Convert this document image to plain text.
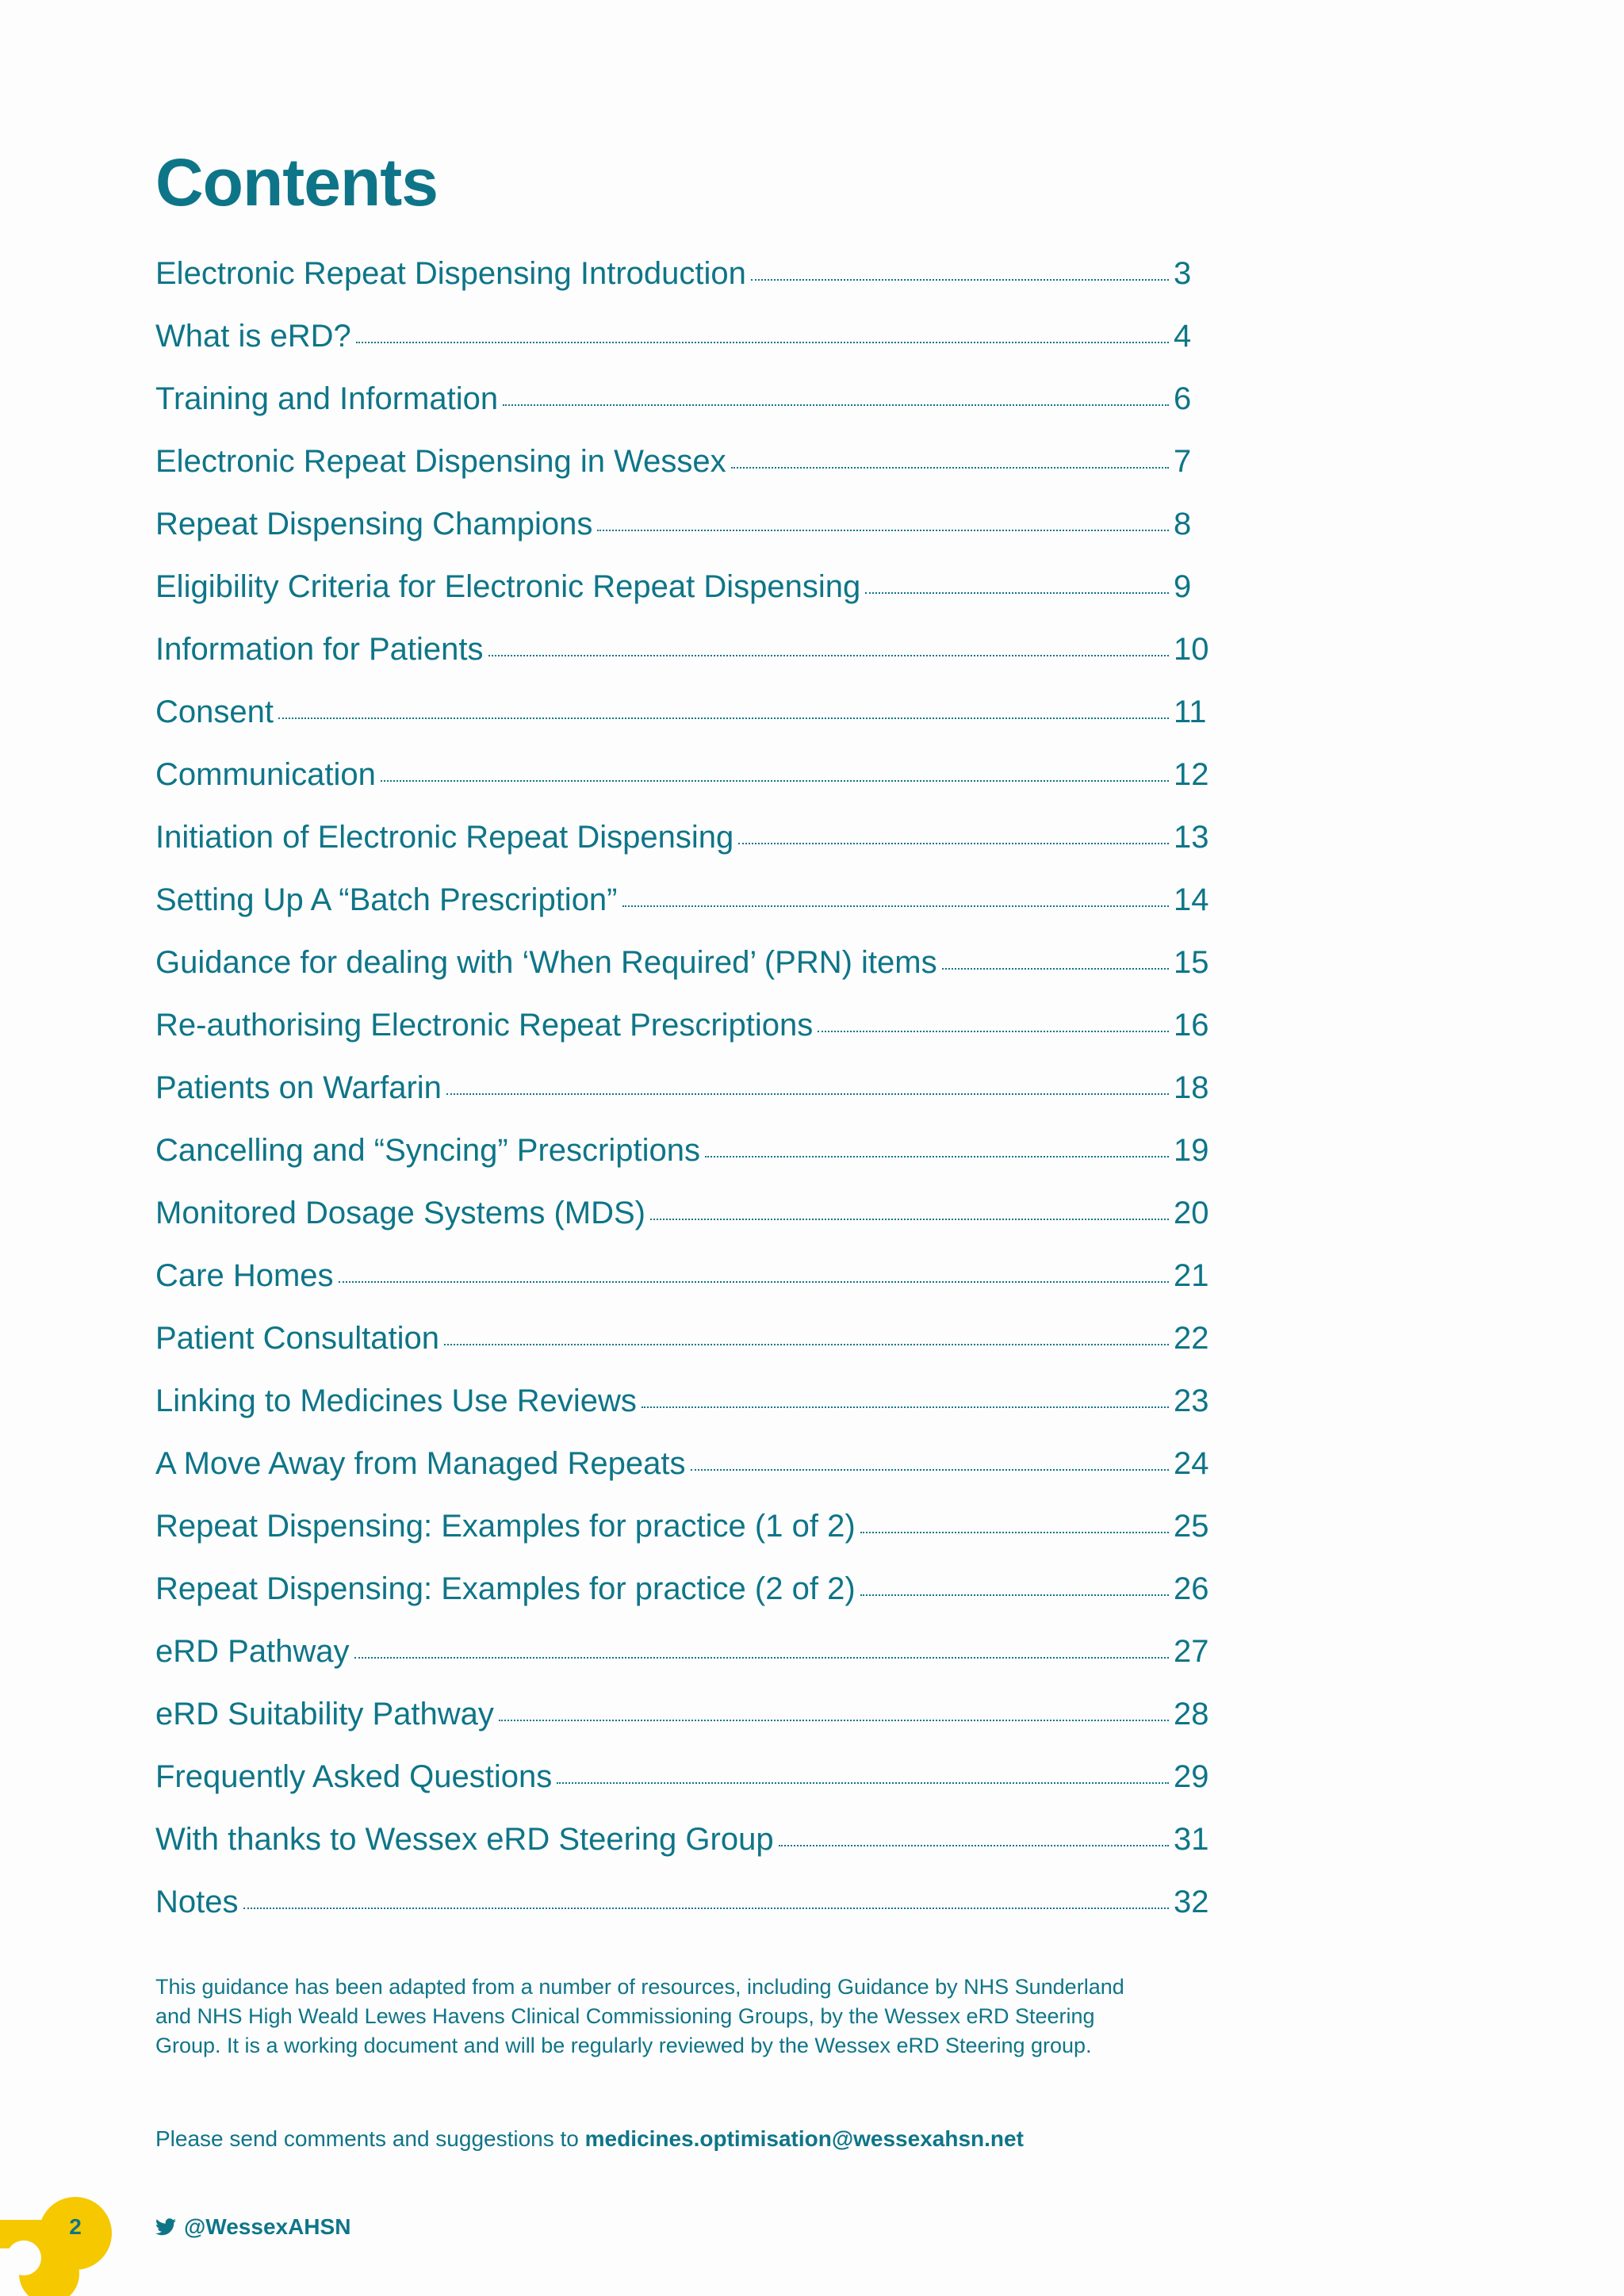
Contents
Electronic Repeat Dispensing Introduction	3
What is eRD?	4
Training and Information	6
Electronic Repeat Dispensing in Wessex	7
Repeat Dispensing Champions	8
Eligibility Criteria for Electronic Repeat Dispensing	9
Information for Patients	10
Consent	11
Communication	12
Initiation of Electronic Repeat Dispensing	13
Setting Up A “Batch Prescription”	14
Guidance for dealing with ‘When Required’ (PRN) items	15
Re-authorising Electronic Repeat Prescriptions	16
Patients on Warfarin	18
Cancelling and “Syncing” Prescriptions	19
Monitored Dosage Systems (MDS)	20
Care Homes	21
Patient Consultation	22
Linking to Medicines Use Reviews	23
A Move Away from Managed Repeats	24
Repeat Dispensing: Examples for practice (1 of 2)	25
Repeat Dispensing: Examples for practice (2 of 2)	26
eRD Pathway	27
eRD Suitability Pathway	28
Frequently Asked Questions	29
With thanks to Wessex eRD Steering Group	31
Notes	32

This guidance has been adapted from a number of resources, including Guidance by NHS Sunderland and NHS High Weald Lewes Havens Clinical Commissioning Groups, by the Wessex eRD Steering Group. It is a working document and will be regularly reviewed by the Wessex eRD Steering group.

Please send comments and suggestions to medicines.optimisation@wessexahsn.net

2	@WessexAHSN
